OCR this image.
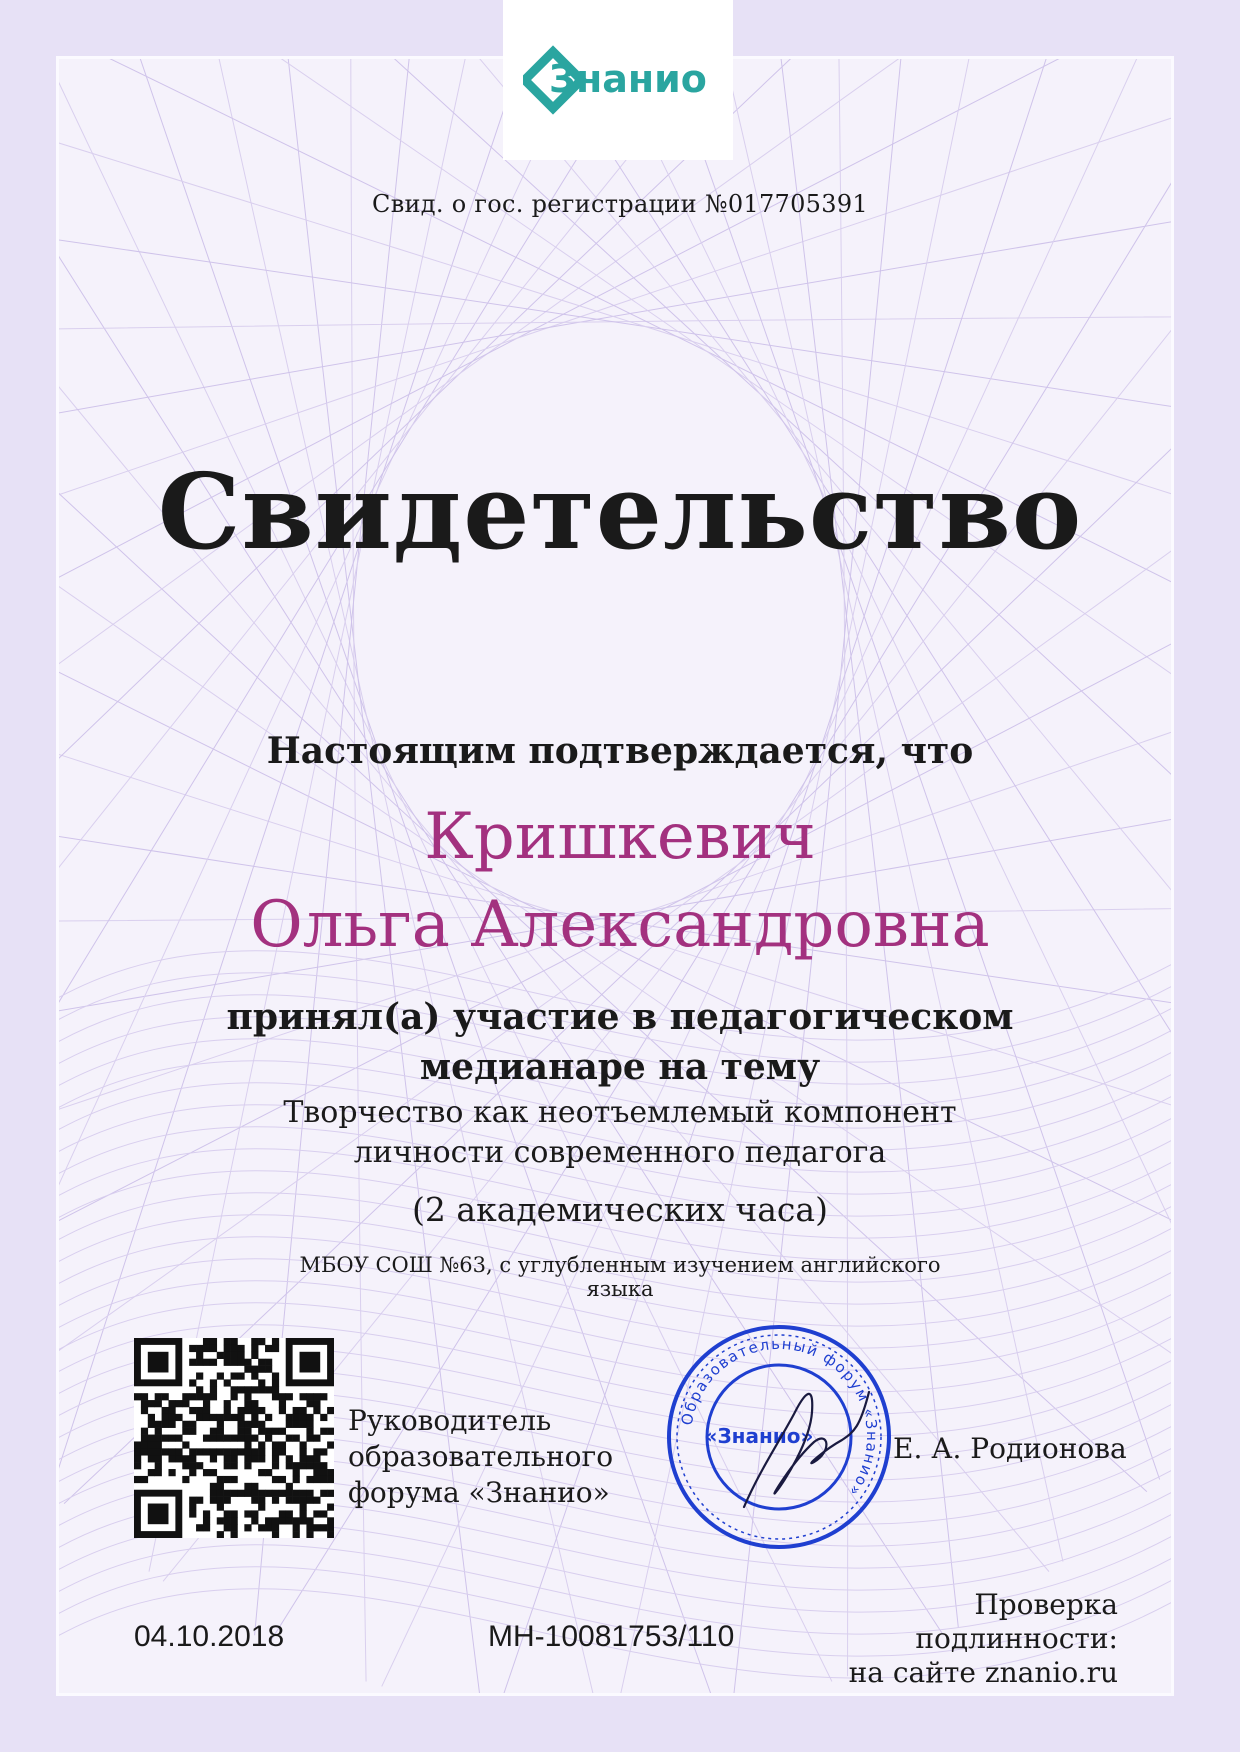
Знанио
Свид. о гос. регистрации №017705391
Свидетельство
Настоящим подтверждается, что
Кришкевич
Ольга Александровна
принял(а) участие в педагогическом
медианаре на тему
Творчество как неотъемлемый компонент
личности современного педагога
(2 академических часа)
МБОУ СОШ №63, с углубленным изучением английского
языка
Руководитель
образовательного
форума «Знанио»
Образовательный форум «Знанио»
«Знанио»	Е. А. Родионова
04.10.2018	МН-10081753/110
Проверка
подлинности:
на сайте znanio.ru
